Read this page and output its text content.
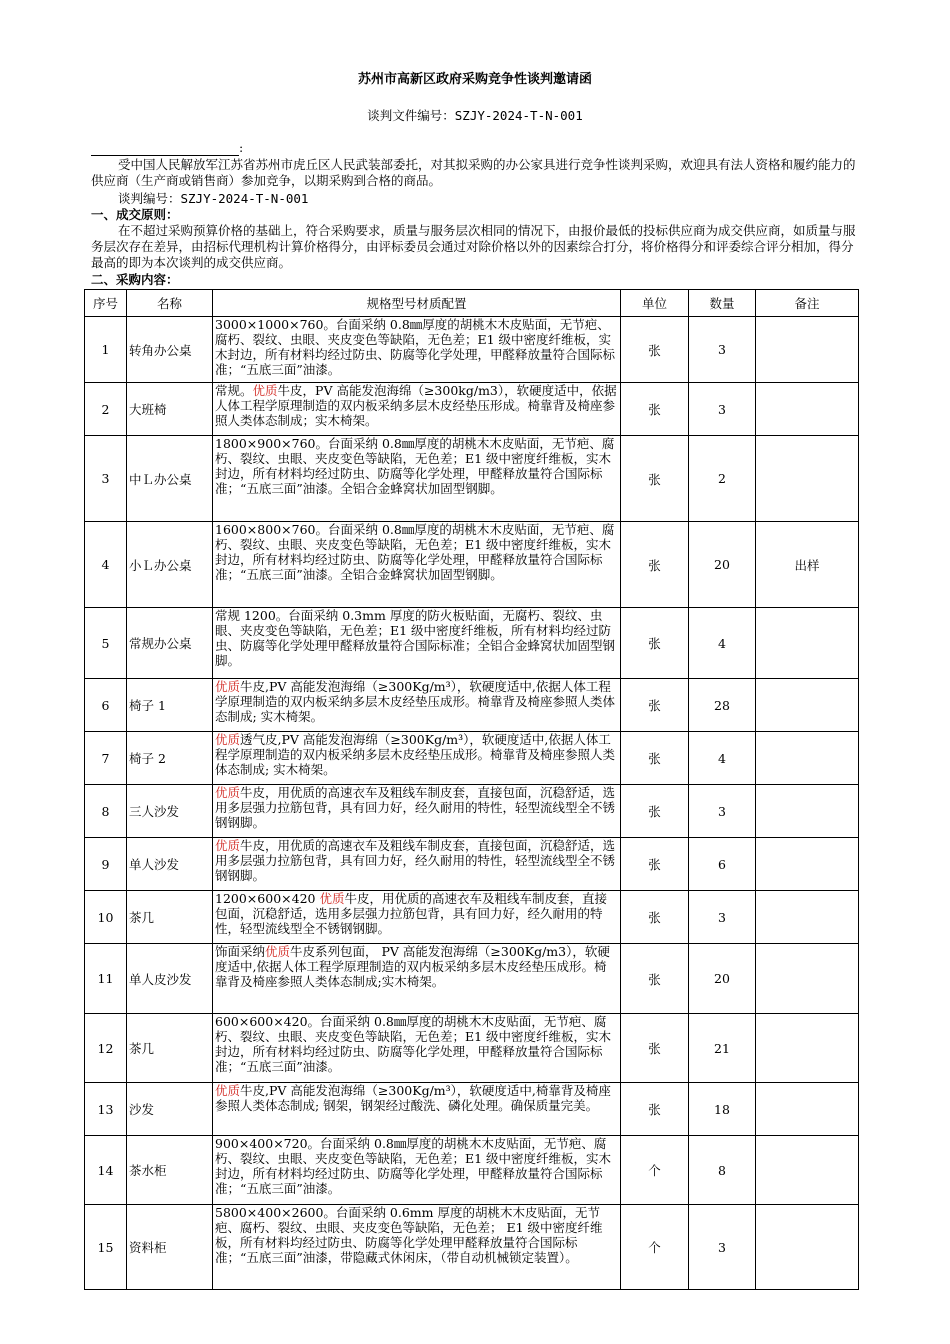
苏州市高新区政府采购竞争性谈判邀请函
谈判文件编号：SZJY-2024-T-N-001
:
受中国人民解放军江苏省苏州市虎丘区人民武装部委托，对其拟采购的办公家具进行竞争性谈判采购，欢迎具有法人资格和履约能力的供应商（生产商或销售商）参加竞争，以期采购到合格的商品。
谈判编号：SZJY-2024-T-N-001
一、成交原则：
在不超过采购预算价格的基础上，符合采购要求，质量与服务层次相同的情况下，由报价最低的投标供应商为成交供应商，如质量与服务层次存在差异，由招标代理机构计算价格得分，由评标委员会通过对除价格以外的因素综合打分，将价格得分和评委综合评分相加，得分最高的即为本次谈判的成交供应商。
二、采购内容：
序号	名称	规格型号材质配置	单位	数量	备注
1	转角办公桌	3000×1000×760。台面采纳 0.8㎜厚度的胡桃木木皮贴面，无节疤、腐朽、裂纹、虫眼、夹皮变色等缺陷，无色差；E1 级中密度纤维板，实木封边，所有材料均经过防虫、防腐等化学处理，甲醛释放量符合国际标准；“五底三面”油漆。	张	3	
2	大班椅	常规。优质牛皮，PV 高能发泡海绵（≥300kg/m3），软硬度适中，依据人体工程学原理制造的双内板采纳多层木皮经垫压形成。椅靠背及椅座参照人类体态制成；实木椅架。	张	3	
3	中Ｌ办公桌	1800×900×760。台面采纳 0.8㎜厚度的胡桃木木皮贴面，无节疤、腐朽、裂纹、虫眼、夹皮变色等缺陷，无色差；E1 级中密度纤维板，实木封边，所有材料均经过防虫、防腐等化学处理，甲醛释放量符合国际标准；“五底三面”油漆。全铝合金蜂窝状加固型钢脚。	张	2	
4	小Ｌ办公桌	1600×800×760。台面采纳 0.8㎜厚度的胡桃木木皮贴面，无节疤、腐朽、裂纹、虫眼、夹皮变色等缺陷，无色差；E1 级中密度纤维板，实木封边，所有材料均经过防虫、防腐等化学处理，甲醛释放量符合国际标准；“五底三面”油漆。全铝合金蜂窝状加固型钢脚。	张	20	出样
5	常规办公桌	常规 1200。台面采纳 0.3mm 厚度的防火板贴面，无腐朽、裂纹、虫眼、夹皮变色等缺陷，无色差；E1 级中密度纤维板，所有材料均经过防虫、防腐等化学处理甲醛释放量符合国际标准；全铝合金蜂窝状加固型钢脚。	张	4	
6	椅子 1	优质牛皮,PV 高能发泡海绵（≥300Kg/m³），软硬度适中,依据人体工程学原理制造的双内板采纳多层木皮经垫压成形。椅靠背及椅座参照人类体态制成; 实木椅架。	张	28	
7	椅子 2	优质透气皮,PV 高能发泡海绵（≥300Kg/m³），软硬度适中,依据人体工程学原理制造的双内板采纳多层木皮经垫压成形。椅靠背及椅座参照人类体态制成; 实木椅架。	张	4	
8	三人沙发	优质牛皮，用优质的高速衣车及粗线车制皮套，直接包面，沉稳舒适，选用多层强力拉筋包背，具有回力好，经久耐用的特性，轻型流线型全不锈钢钢脚。	张	3	
9	单人沙发	优质牛皮，用优质的高速衣车及粗线车制皮套，直接包面，沉稳舒适，选用多层强力拉筋包背，具有回力好，经久耐用的特性，轻型流线型全不锈钢钢脚。	张	6	
10	茶几	1200×600×420 优质牛皮，用优质的高速衣车及粗线车制皮套，直接包面，沉稳舒适，选用多层强力拉筋包背，具有回力好，经久耐用的特性，轻型流线型全不锈钢钢脚。	张	3	
11	单人皮沙发	饰面采纳优质牛皮系列包面， PV 高能发泡海绵（≥300Kg/m3），软硬度适中,依据人体工程学原理制造的双内板采纳多层木皮经垫压成形。椅靠背及椅座参照人类体态制成;实木椅架。	张	20	
12	茶几	600×600×420。台面采纳 0.8㎜厚度的胡桃木木皮贴面，无节疤、腐朽、裂纹、虫眼、夹皮变色等缺陷，无色差；E1 级中密度纤维板，实木封边，所有材料均经过防虫、防腐等化学处理，甲醛释放量符合国际标准；“五底三面”油漆。	张	21	
13	沙发	优质牛皮,PV 高能发泡海绵（≥300Kg/m³），软硬度适中,椅靠背及椅座参照人类体态制成; 钢架，钢架经过酸洗、磷化处理。确保质量完美。	张	18	
14	茶水柜	900×400×720。台面采纳 0.8㎜厚度的胡桃木木皮贴面，无节疤、腐朽、裂纹、虫眼、夹皮变色等缺陷，无色差；E1 级中密度纤维板，实木封边，所有材料均经过防虫、防腐等化学处理，甲醛释放量符合国际标准；“五底三面”油漆。	个	8	
15	资料柜	5800×400×2600。台面采纳 0.6mm 厚度的胡桃木木皮贴面，无节疤、腐朽、裂纹、虫眼、夹皮变色等缺陷，无色差； E1 级中密度纤维板，所有材料均经过防虫、防腐等化学处理甲醛释放量符合国际标准；“五底三面”油漆，带隐藏式休闲床，（带自动机械锁定装置）。	个	3	
